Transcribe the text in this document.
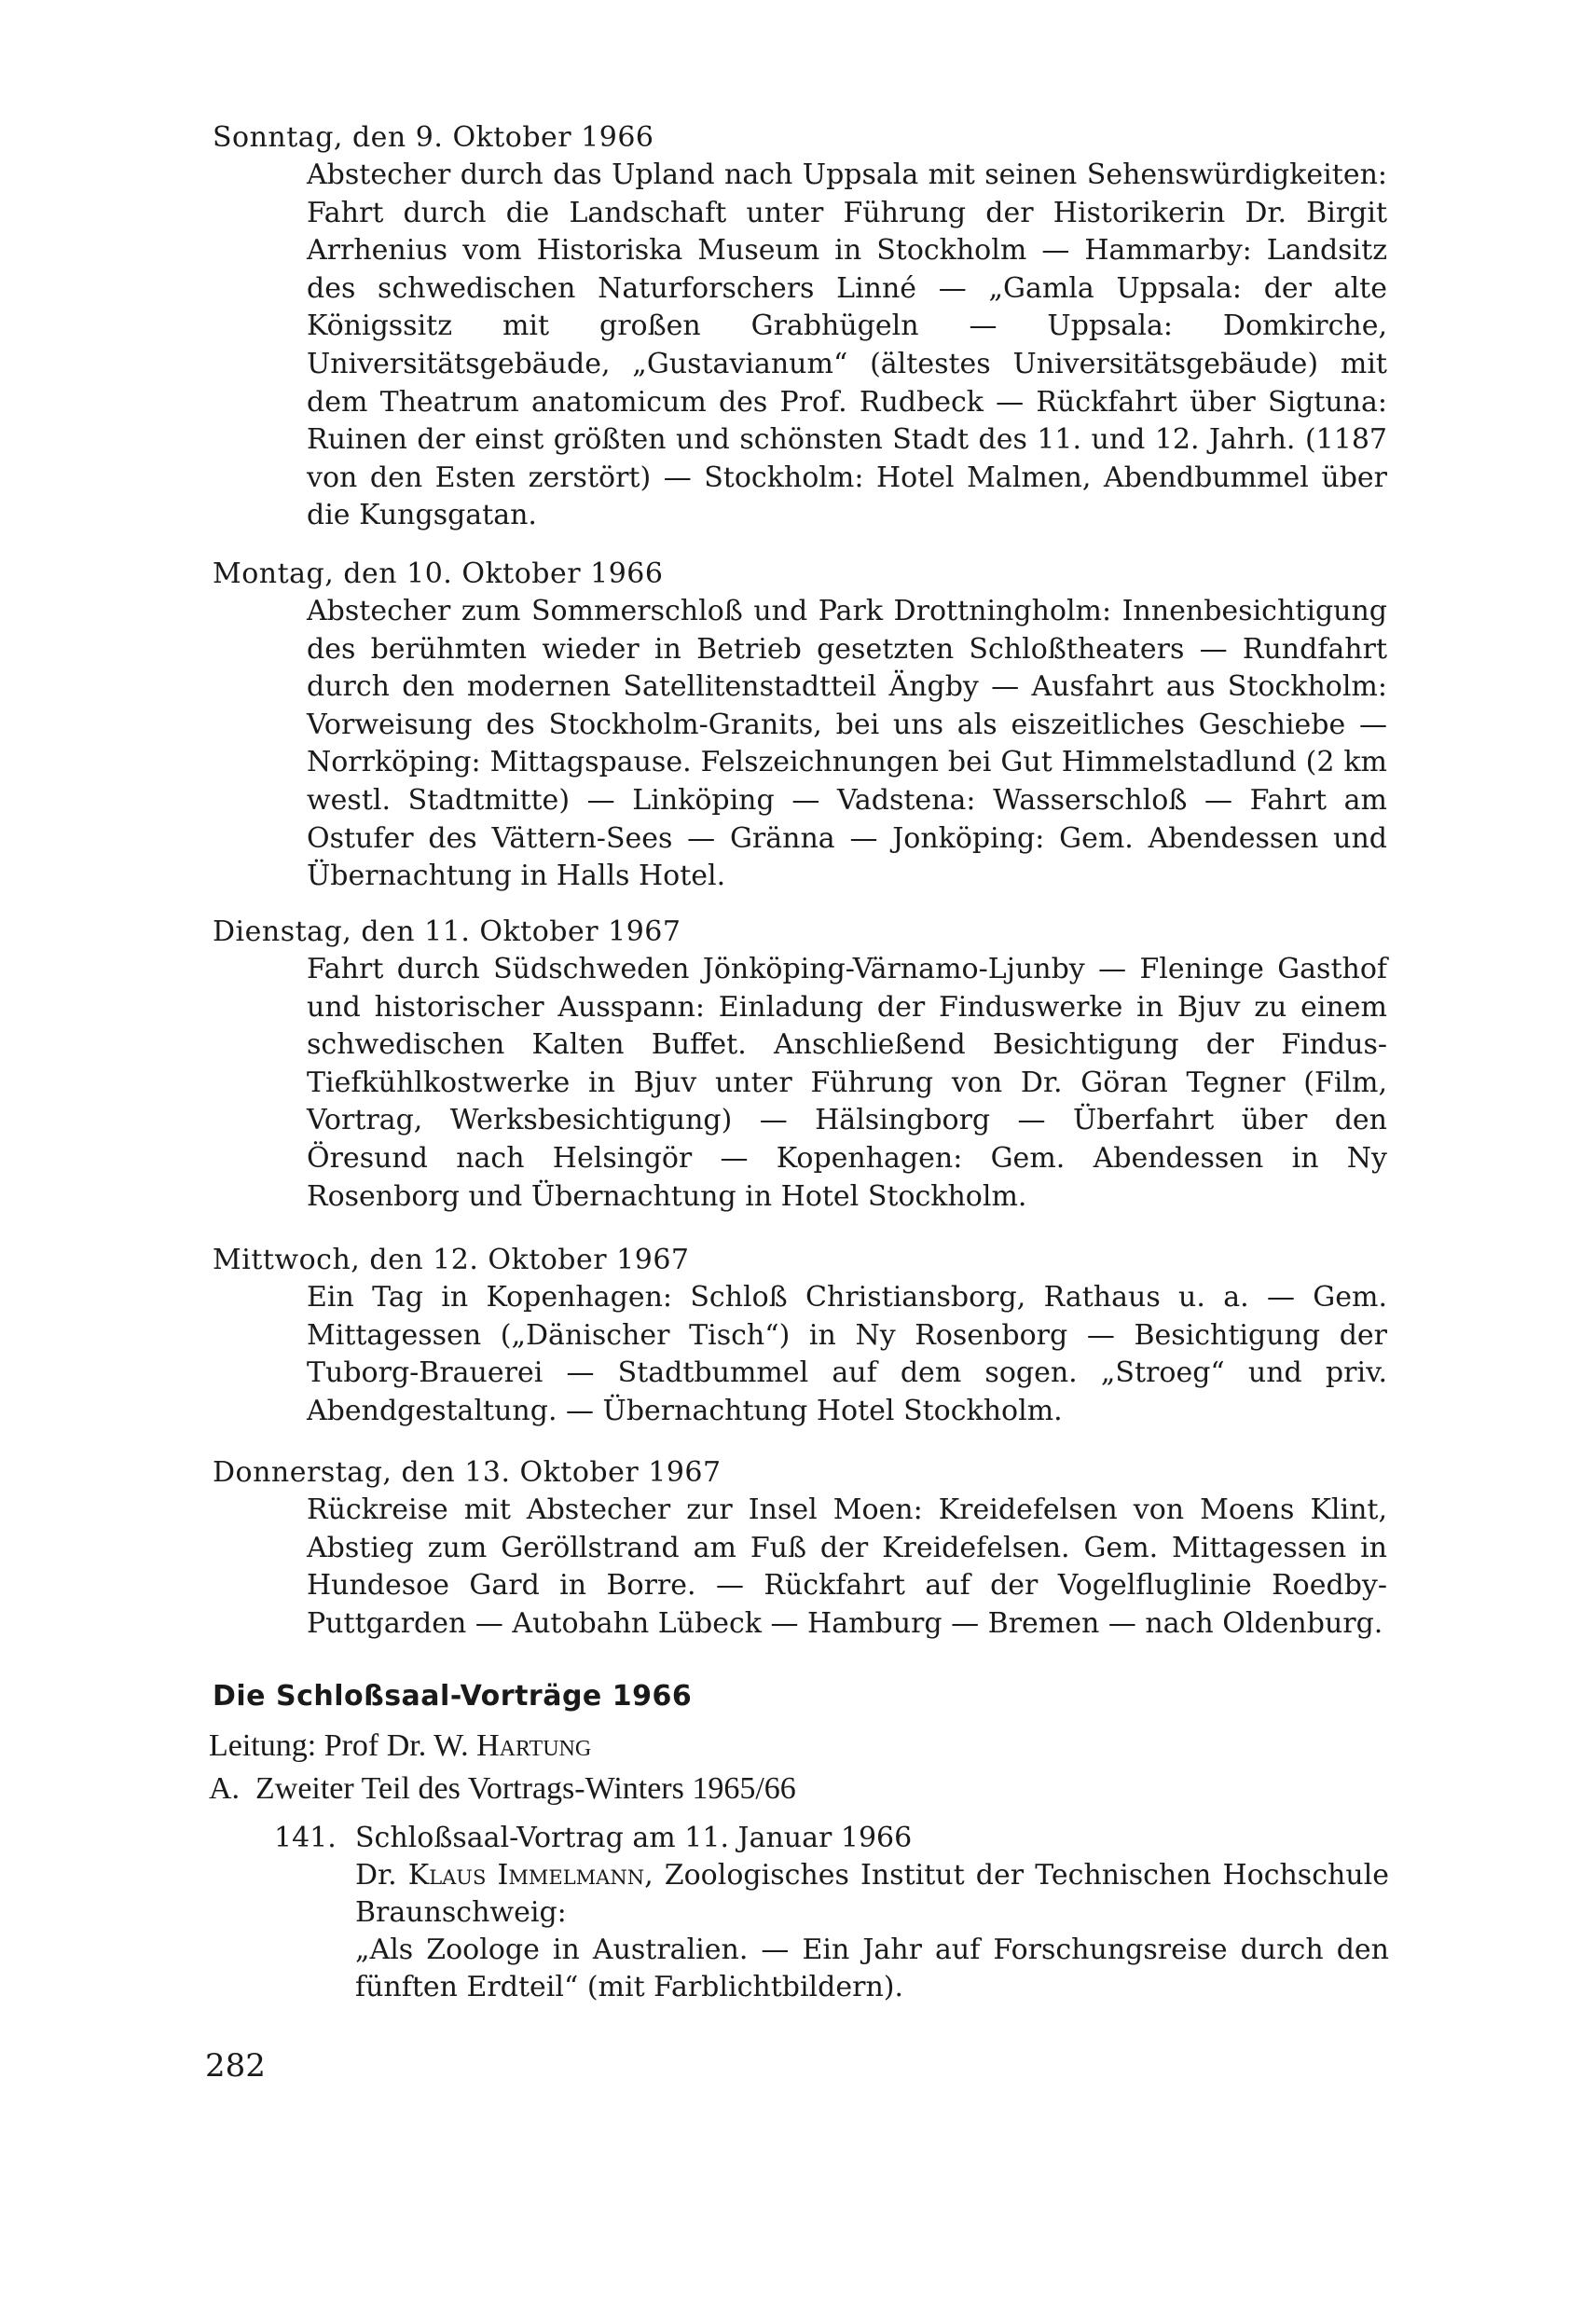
Sonntag, den 9. Oktober 1966

Abstecher durch das Upland nach Uppsala mit seinen Sehenswürdigkeiten: Fahrt durch die Landschaft unter Führung der Historikerin Dr. Birgit Arrhenius vom Historiska Museum in Stockholm — Hammarby: Landsitz des schwedischen Naturforschers Linné — „Gamla Uppsala: der alte Königssitz mit großen Grabhügeln — Uppsala: Domkirche, Universitätsgebäude, „Gustavianum“ (ältestes Universitätsgebäude) mit dem Theatrum anatomicum des Prof. Rudbeck — Rückfahrt über Sigtuna: Ruinen der einst größten und schönsten Stadt des 11. und 12. Jahrh. (1187 von den Esten zerstört) — Stockholm: Hotel Malmen, Abendbummel über die Kungsgatan.

Montag, den 10. Oktober 1966

Abstecher zum Sommerschloß und Park Drottningholm: Innenbesichtigung des berühmten wieder in Betrieb gesetzten Schloßtheaters — Rundfahrt durch den modernen Satellitenstadtteil Ängby — Ausfahrt aus Stockholm: Vorweisung des Stockholm-Granits, bei uns als eiszeitliches Geschiebe — Norrköping: Mittagspause. Felszeichnungen bei Gut Himmelstadlund (2 km westl. Stadtmitte) — Linköping — Vadstena: Wasserschloß — Fahrt am Ostufer des Vättern-Sees — Gränna — Jonköping: Gem. Abendessen und Übernachtung in Halls Hotel.

Dienstag, den 11. Oktober 1967

Fahrt durch Südschweden Jönköping-Värnamo-Ljunby — Fleninge Gasthof und historischer Ausspann: Einladung der Finduswerke in Bjuv zu einem schwedischen Kalten Buffet. Anschließend Besichtigung der Findus-Tiefkühlkostwerke in Bjuv unter Führung von Dr. Göran Tegner (Film, Vortrag, Werksbesichtigung) — Hälsingborg — Überfahrt über den Öresund nach Helsingör — Kopenhagen: Gem. Abendessen in Ny Rosenborg und Übernachtung in Hotel Stockholm.

Mittwoch, den 12. Oktober 1967

Ein Tag in Kopenhagen: Schloß Christiansborg, Rathaus u. a. — Gem. Mittagessen („Dänischer Tisch“) in Ny Rosenborg — Besichtigung der Tuborg-Brauerei — Stadtbummel auf dem sogen. „Stroeg“ und priv. Abendgestaltung. — Übernachtung Hotel Stockholm.

Donnerstag, den 13. Oktober 1967

Rückreise mit Abstecher zur Insel Moen: Kreidefelsen von Moens Klint, Abstieg zum Geröllstrand am Fuß der Kreidefelsen. Gem. Mittagessen in Hundesoe Gard in Borre. — Rückfahrt auf der Vogelfluglinie Roedby-Puttgarden — Autobahn Lübeck — Hamburg — Bremen — nach Oldenburg.

Die Schloßsaal-Vorträge 1966
Leitung: Prof Dr. W. Hartung
A. Zweiter Teil des Vortrags-Winters 1965/66
141. Schloßsaal-Vortrag am 11. Januar 1966

Dr. Klaus Immelmann, Zoologisches Institut der Technischen Hochschule Braunschweig:

„Als Zoologe in Australien. — Ein Jahr auf Forschungsreise durch den fünften Erdteil“ (mit Farblichtbildern).

282
